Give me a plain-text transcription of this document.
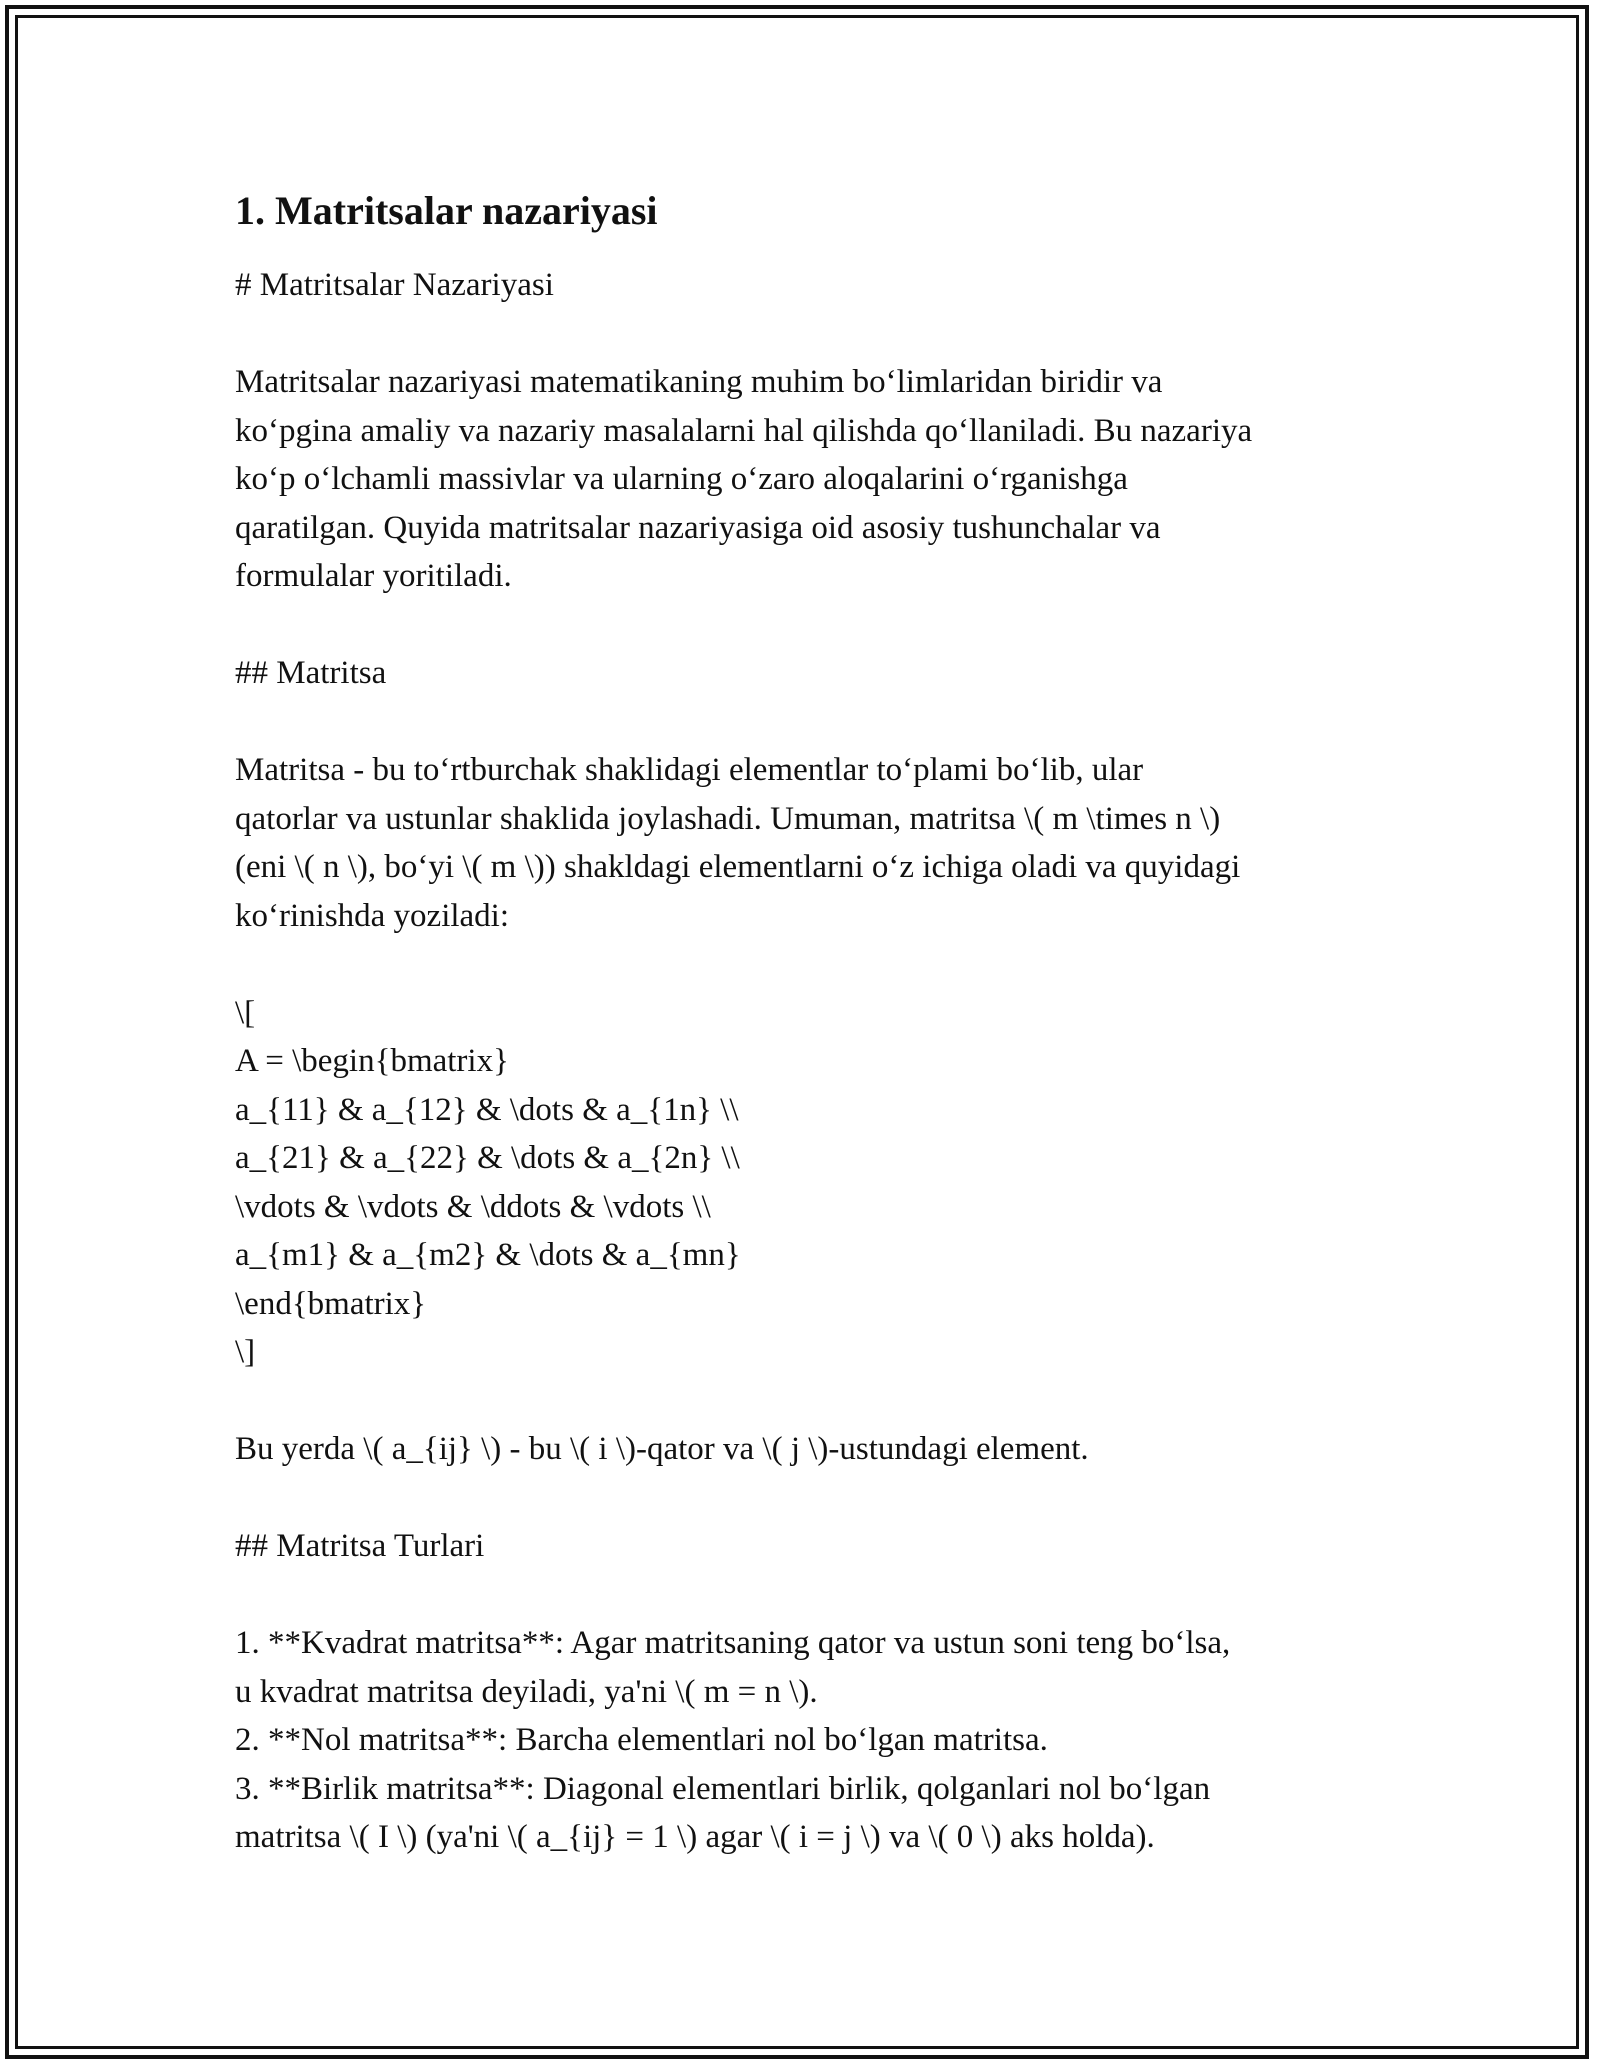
1. Matritsalar nazariyasi

# Matritsalar Nazariyasi

Matritsalar nazariyasi matematikaning muhim bo‘limlaridan biridir va

ko‘pgina amaliy va nazariy masalalarni hal qilishda qo‘llaniladi. Bu nazariya

ko‘p o‘lchamli massivlar va ularning o‘zaro aloqalarini o‘rganishga

qaratilgan. Quyida matritsalar nazariyasiga oid asosiy tushunchalar va

formulalar yoritiladi.

## Matritsa

Matritsa - bu to‘rtburchak shaklidagi elementlar to‘plami bo‘lib, ular

qatorlar va ustunlar shaklida joylashadi. Umuman, matritsa \( m \times n \)

(eni \( n \), bo‘yi \( m \)) shakldagi elementlarni o‘z ichiga oladi va quyidagi

ko‘rinishda yoziladi:

\[

A = \begin{bmatrix}

a_{11} & a_{12} & \dots & a_{1n} \\

a_{21} & a_{22} & \dots & a_{2n} \\

\vdots & \vdots & \ddots & \vdots \\

a_{m1} & a_{m2} & \dots & a_{mn}

\end{bmatrix}

\]

Bu yerda \( a_{ij} \) - bu \( i \)-qator va \( j \)-ustundagi element.

## Matritsa Turlari

1. **Kvadrat matritsa**: Agar matritsaning qator va ustun soni teng bo‘lsa,

u kvadrat matritsa deyiladi, ya'ni \( m = n \).

2. **Nol matritsa**: Barcha elementlari nol bo‘lgan matritsa.

3. **Birlik matritsa**: Diagonal elementlari birlik, qolganlari nol bo‘lgan

matritsa \( I \) (ya'ni \( a_{ij} = 1 \) agar \( i = j \) va \( 0 \) aks holda).
